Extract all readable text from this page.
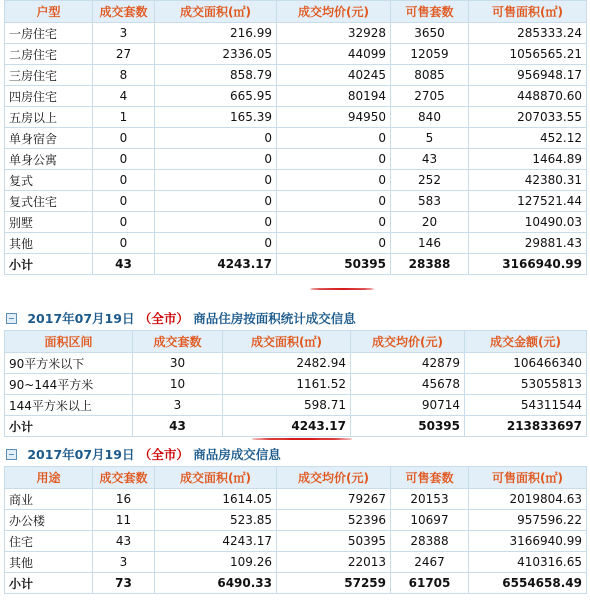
户型	成交套数	成交面积(㎡)	成交均价(元)	可售套数	可售面积(㎡)
一房住宅	3	216.99	32928	3650	285333.24
二房住宅	27	2336.05	44099	12059	1056565.21
三房住宅	8	858.79	40245	8085	956948.17
四房住宅	4	665.95	80194	2705	448870.60
五房以上	1	165.39	94950	840	207033.55
单身宿舍	0	0	0	5	452.12
单身公寓	0	0	0	43	1464.89
复式	0	0	0	252	42380.31
复式住宅	0	0	0	583	127521.44
别墅	0	0	0	20	10490.03
其他	0	0	0	146	29881.43
小计	43	4243.17	50395	28388	3166940.99
2017年07月19日 （全市） 商品住房按面积统计成交信息
面积区间	成交套数	成交面积(㎡)	成交均价(元)	成交金额(元)
90平方米以下	30	2482.94	42879	106466340
90~144平方米	10	1161.52	45678	53055813
144平方米以上	3	598.71	90714	54311544
小计	43	4243.17	50395	213833697
2017年07月19日 （全市） 商品房成交信息
用途	成交套数	成交面积(㎡)	成交均价(元)	可售套数	可售面积(㎡)
商业	16	1614.05	79267	20153	2019804.63
办公楼	11	523.85	52396	10697	957596.22
住宅	43	4243.17	50395	28388	3166940.99
其他	3	109.26	22013	2467	410316.65
小计	73	6490.33	57259	61705	6554658.49
